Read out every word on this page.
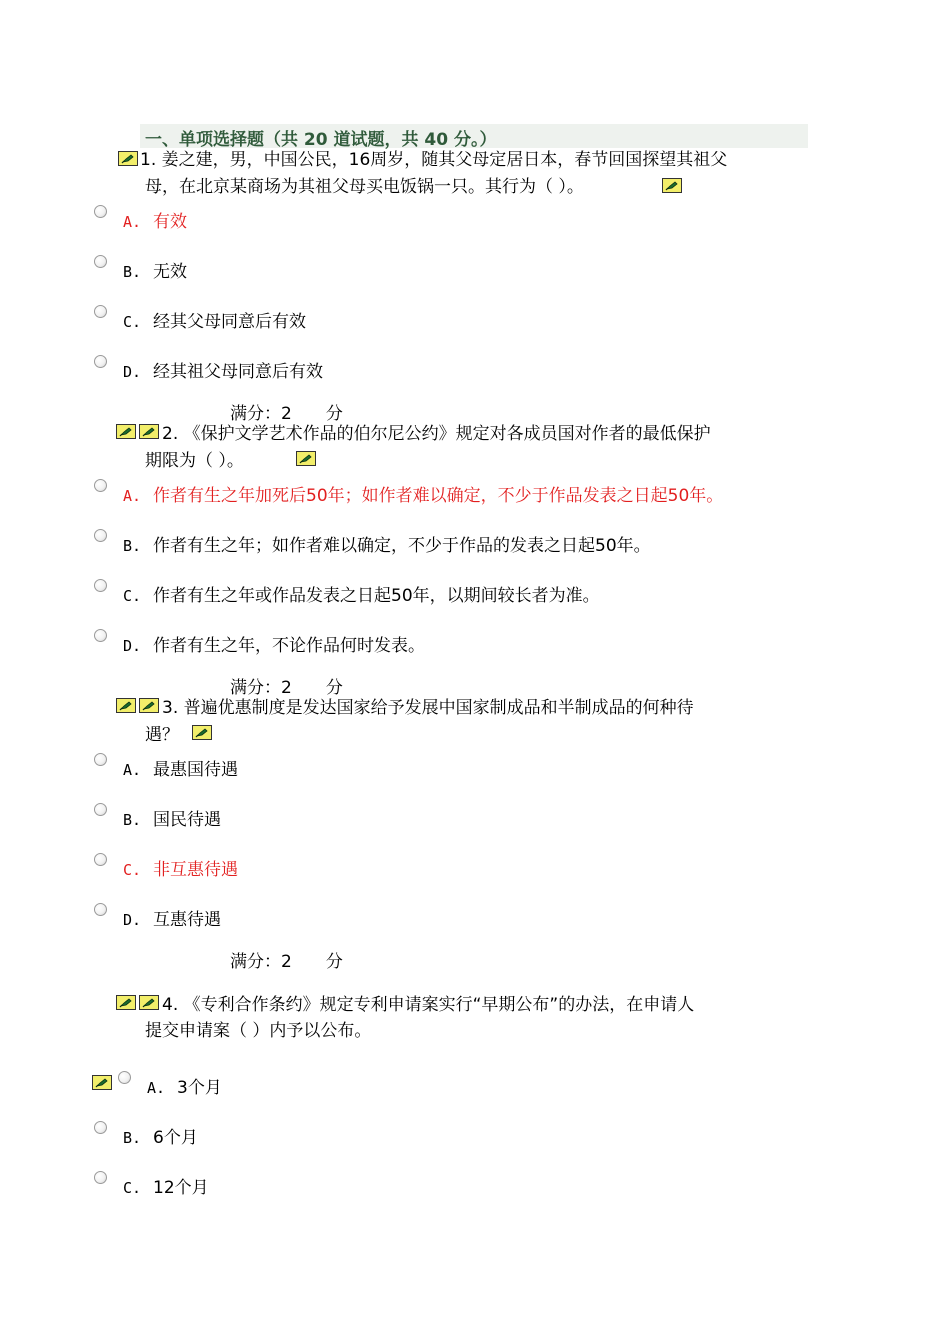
一、单项选择题（共 20 道试题，共 40 分。）
1. 姜之建，男，中国公民，16周岁，随其父母定居日本，春节回国探望其祖父
母，在北京某商场为其祖父母买电饭锅一只。其行为（ ）。
A. 有效
B. 无效
C. 经其父母同意后有效
D. 经其祖父母同意后有效
满分：2 分
2. 《保护文学艺术作品的伯尔尼公约》规定对各成员国对作者的最低保护
期限为（ ）。
A. 作者有生之年加死后50年；如作者难以确定，不少于作品发表之日起50年。
B. 作者有生之年；如作者难以确定，不少于作品的发表之日起50年。
C. 作者有生之年或作品发表之日起50年，以期间较长者为准。
D. 作者有生之年，不论作品何时发表。
满分：2 分
3. 普遍优惠制度是发达国家给予发展中国家制成品和半制成品的何种待
遇？
A. 最惠国待遇
B. 国民待遇
C. 非互惠待遇
D. 互惠待遇
满分：2 分
4. 《专利合作条约》规定专利申请案实行“早期公布”的办法，在申请人
提交申请案（ ）内予以公布。
A. 3个月
B. 6个月
C. 12个月
